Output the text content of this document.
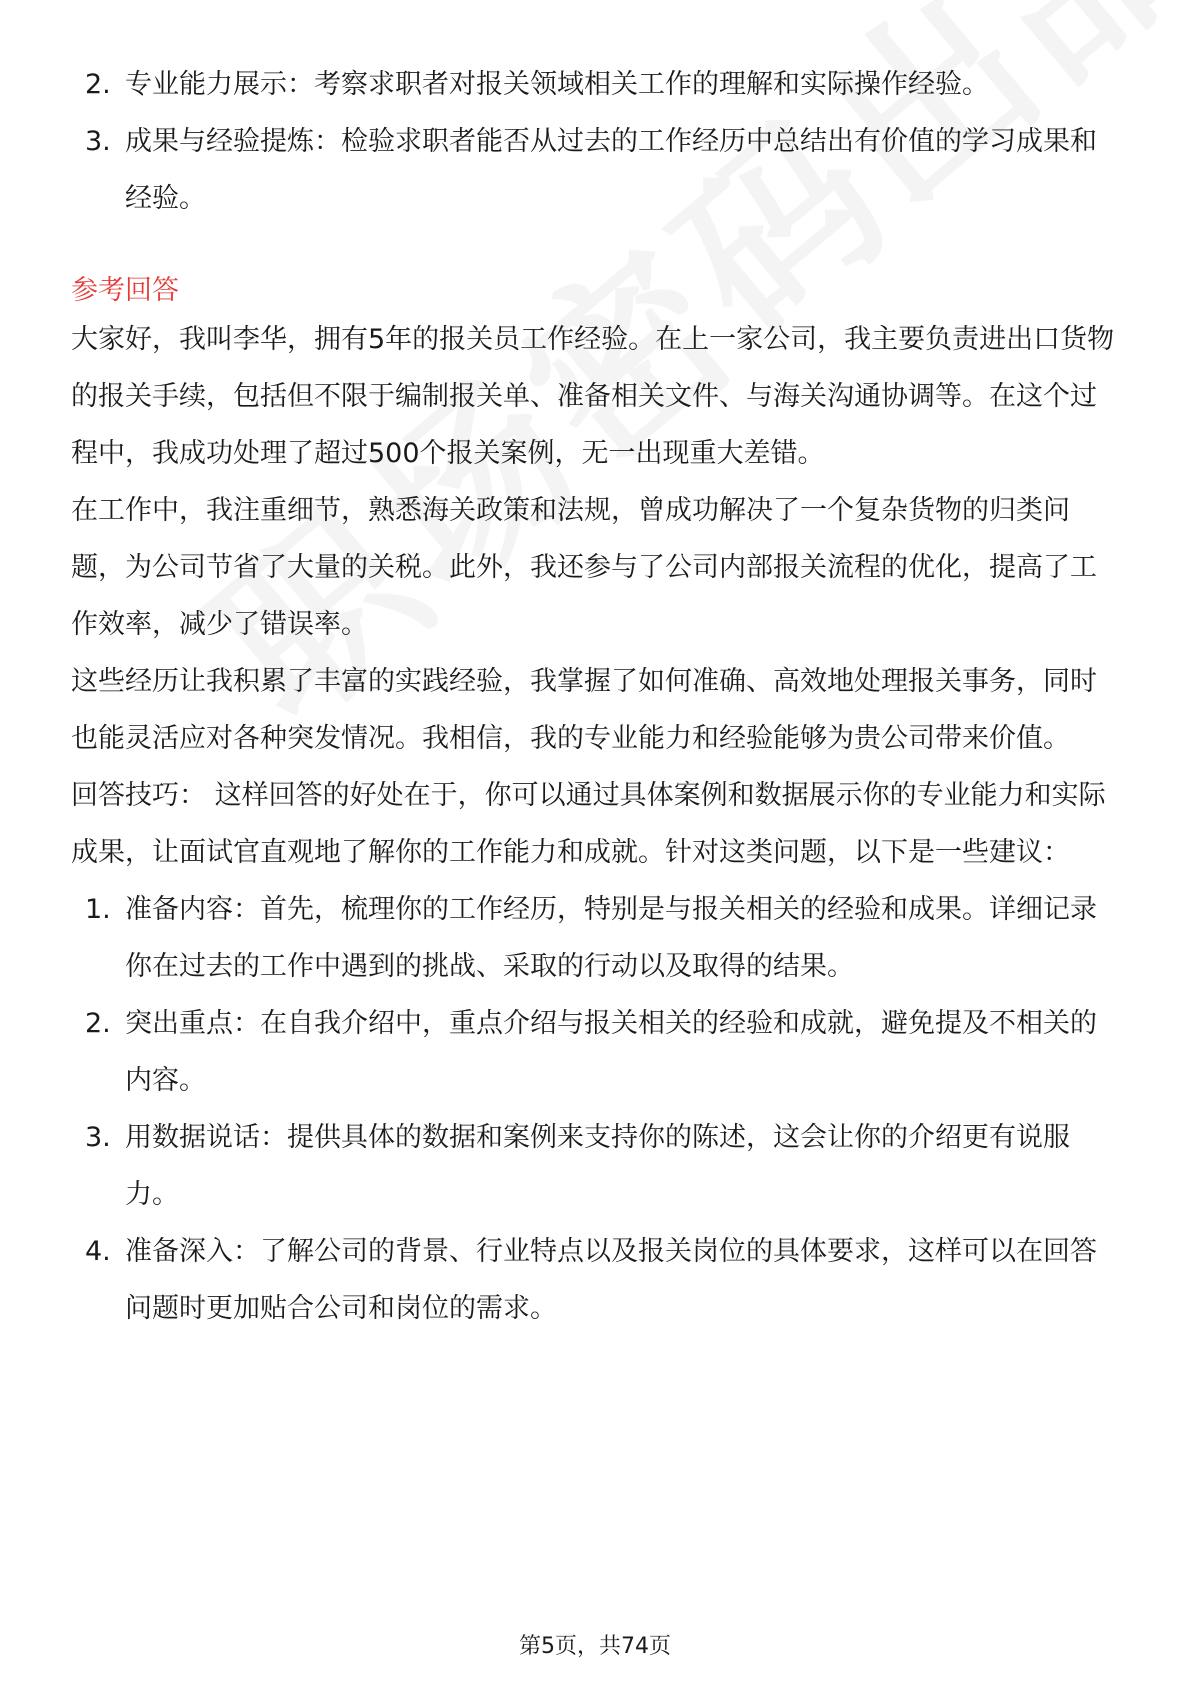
2. 专业能力展示：考察求职者对报关领域相关工作的理解和实际操作经验。
3. 成果与经验提炼：检验求职者能否从过去的工作经历中总结出有价值的学习成果和经验。
参考回答

大家好，我叫李华，拥有5年的报关员工作经验。在上一家公司，我主要负责进出口货物的报关手续，包括但不限于编制报关单、准备相关文件、与海关沟通协调等。在这个过程中，我成功处理了超过500个报关案例，无一出现重大差错。

在工作中，我注重细节，熟悉海关政策和法规，曾成功解决了一个复杂货物的归类问题，为公司节省了大量的关税。此外，我还参与了公司内部报关流程的优化，提高了工作效率，减少了错误率。

这些经历让我积累了丰富的实践经验，我掌握了如何准确、高效地处理报关事务，同时也能灵活应对各种突发情况。我相信，我的专业能力和经验能够为贵公司带来价值。

回答技巧： 这样回答的好处在于，你可以通过具体案例和数据展示你的专业能力和实际成果，让面试官直观地了解你的工作能力和成就。针对这类问题，以下是一些建议：

1. 准备内容：首先，梳理你的工作经历，特别是与报关相关的经验和成果。详细记录你在过去的工作中遇到的挑战、采取的行动以及取得的结果。
2. 突出重点：在自我介绍中，重点介绍与报关相关的经验和成就，避免提及不相关的内容。
3. 用数据说话：提供具体的数据和案例来支持你的陈述，这会让你的介绍更有说服力。
4. 准备深入：了解公司的背景、行业特点以及报关岗位的具体要求，这样可以在回答问题时更加贴合公司和岗位的需求。
第5页，共74页
